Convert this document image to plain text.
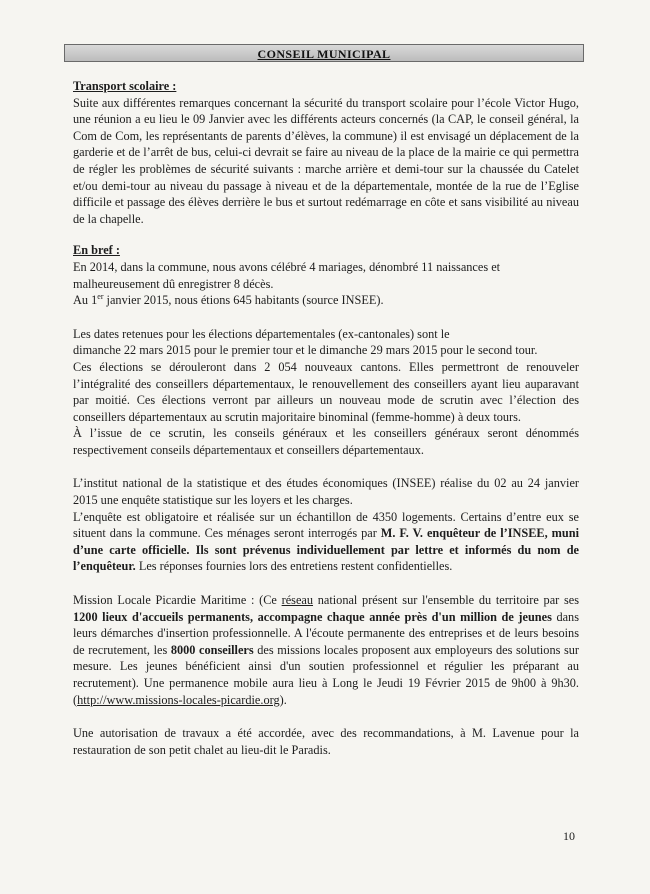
CONSEIL MUNICIPAL

Transport scolaire :

Suite aux différentes remarques concernant la sécurité du transport scolaire pour l’école Victor Hugo, une réunion a eu lieu le 09 Janvier avec les différents acteurs concernés (la CAP, le conseil général, la Com de Com, les représentants de parents d’élèves, la commune) il est envisagé un déplacement de la garderie et de l’arrêt de bus, celui-ci devrait se faire au niveau de la place de la mairie ce qui permettra de régler les problèmes de sécurité suivants : marche arrière et demi-tour sur la chaussée du Catelet et/ou demi-tour au niveau du passage à niveau et de la départementale, montée de la rue de l’Eglise difficile et passage des élèves derrière le bus et surtout redémarrage en côte et sans visibilité au niveau de la chapelle.

En bref :

En 2014, dans la commune, nous avons célébré 4 mariages, dénombré 11 naissances et

malheureusement dû enregistrer 8 décès.

Au 1er janvier 2015, nous étions 645 habitants (source INSEE).

Les dates retenues pour les élections départementales (ex-cantonales) sont le

dimanche 22 mars 2015 pour le premier tour et le dimanche 29 mars 2015 pour le second tour.

Ces élections se dérouleront dans 2 054 nouveaux cantons. Elles permettront de renouveler l’intégralité des conseillers départementaux, le renouvellement des conseillers ayant lieu auparavant par moitié. Ces élections verront par ailleurs un nouveau mode de scrutin avec l’élection des conseillers départementaux au scrutin majoritaire binominal (femme-homme) à deux tours.

À l’issue de ce scrutin, les conseils généraux et les conseillers généraux seront dénommés respectivement conseils départementaux et conseillers départementaux.

L’institut national de la statistique et des études économiques (INSEE) réalise du 02 au 24 janvier 2015 une enquête statistique sur les loyers et les charges.

L’enquête est obligatoire et réalisée sur un échantillon de 4350 logements. Certains d’entre eux se situent dans la commune. Ces ménages seront interrogés par M. F. V. enquêteur de l’INSEE, muni d’une carte officielle. Ils sont prévenus individuellement par lettre et informés du nom de l’enquêteur. Les réponses fournies lors des entretiens restent confidentielles.

Mission Locale Picardie Maritime : (Ce réseau national présent sur l'ensemble du territoire par ses 1200 lieux d'accueils permanents, accompagne chaque année près d'un million de jeunes dans leurs démarches d'insertion professionnelle. A l'écoute permanente des entreprises et de leurs besoins de recrutement, les 8000 conseillers des missions locales proposent aux employeurs des solutions sur mesure. Les jeunes bénéficient ainsi d'un soutien professionnel et régulier les préparant au recrutement). Une permanence mobile aura lieu à Long le Jeudi 19 Février 2015 de 9h00 à 9h30. (http://www.missions-locales-picardie.org).

Une autorisation de travaux a été accordée, avec des recommandations, à M. Lavenue pour la restauration de son petit chalet au lieu-dit le Paradis.

10
